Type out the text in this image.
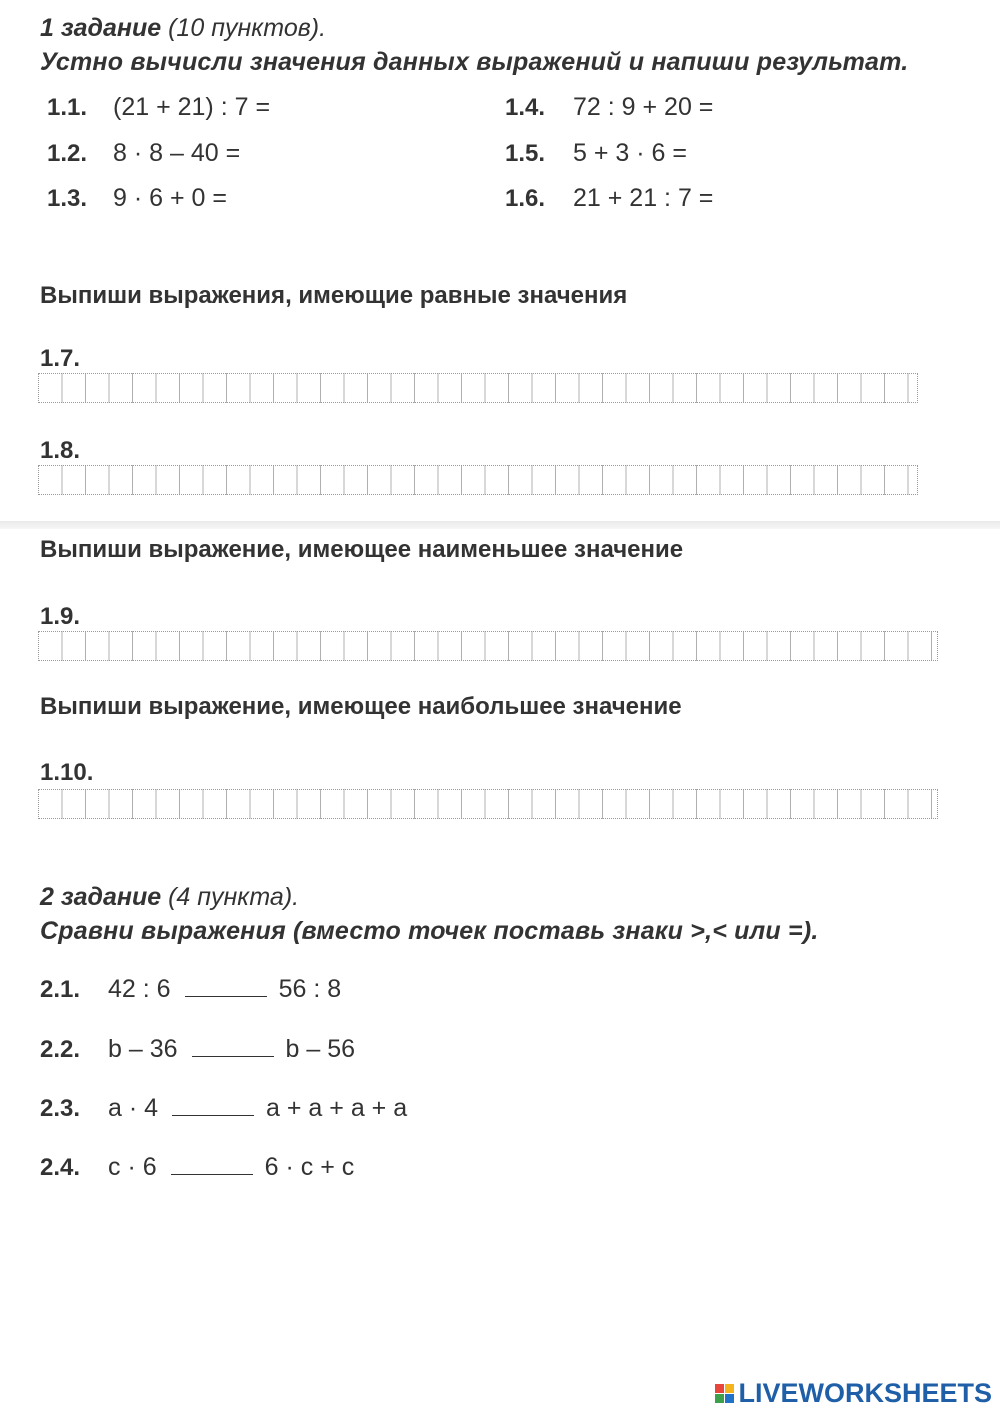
1 задание (10 пунктов).
Устно вычисли значения данных выражений и напиши результат.
1.1. (21 + 21) : 7 =
1.2. 8 · 8 – 40 =
1.3. 9 · 6 + 0 =
1.4. 72 : 9 + 20 =
1.5. 5 + 3 · 6 =
1.6. 21 + 21 : 7 =
Выпиши выражения, имеющие равные значения
1.7.
1.8.
Выпиши выражение, имеющее наименьшее значение
1.9.
Выпиши выражение, имеющее наибольшее значение
1.10.
2 задание (4 пункта).
Сравни выражения (вместо точек поставь знаки >,< или =).
2.1. 42 : 6	56 : 8
2.2. b – 36	b – 56
2.3. a · 4	a + a + a + a
2.4. c · 6	6 · c + c
LIVEWORKSHEETS
